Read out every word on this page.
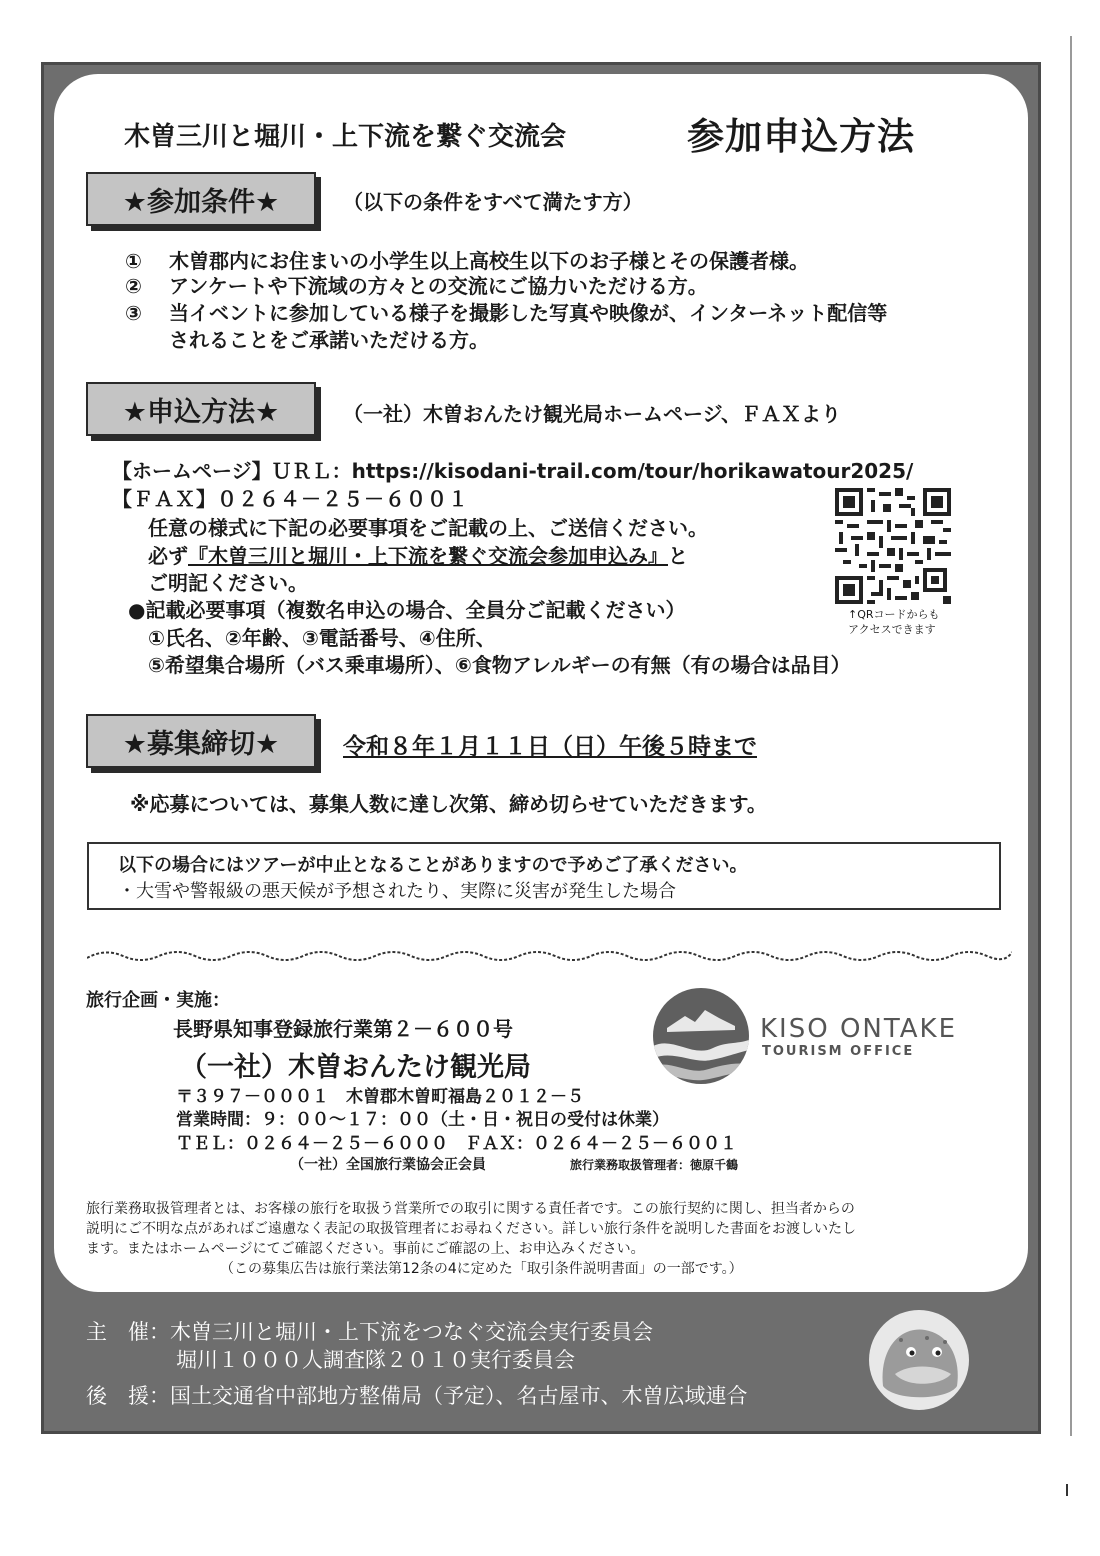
木曽三川と堀川・上下流を繋ぐ交流会	参加申込方法
★参加条件★	（以下の条件をすべて満たす方）
① 木曽郡内にお住まいの小学生以上高校生以下のお子様とその保護者様。
② アンケートや下流域の方々との交流にご協力いただける方。
③ 当イベントに参加している様子を撮影した写真や映像が、インターネット配信等
されることをご承諾いただける方。
★申込方法★	（一社）木曽おんたけ観光局ホームページ、ＦＡＸより
【ホームページ】ＵＲＬ：https://kisodani-trail.com/tour/horikawatour2025/
【ＦＡＸ】０２６４－２５－６００１
任意の様式に下記の必要事項をご記載の上、ご送信ください。
必ず『木曽三川と堀川・上下流を繋ぐ交流会参加申込み』と
ご明記ください。
●記載必要事項（複数名申込の場合、全員分ご記載ください）
①氏名、②年齢、③電話番号、④住所、
⑤希望集合場所（バス乗車場所）、⑥食物アレルギーの有無（有の場合は品目）
↑QRコードからも
アクセスできます
★募集締切★	令和８年１月１１日（日）午後５時まで
※応募については、募集人数に達し次第、締め切らせていただきます。
以下の場合にはツアーが中止となることがありますので予めご了承ください。
・大雪や警報級の悪天候が予想されたり、実際に災害が発生した場合
旅行企画・実施：
長野県知事登録旅行業第２－６００号
（一社）木曽おんたけ観光局
〒３９７－０００１　木曽郡木曽町福島２０１２－５
営業時間：９：００～１７：００（土・日・祝日の受付は休業）
ＴＥＬ：０２６４－２５－６０００　ＦＡＸ：０２６４－２５－６００１
（一社）全国旅行業協会正会員	旅行業務取扱管理者：徳原千鶴
KISO ONTAKE
TOURISM OFFICE
旅行業務取扱管理者とは、お客様の旅行を取扱う営業所での取引に関する責任者です。この旅行契約に関し、担当者からの
説明にご不明な点があればご遠慮なく表記の取扱管理者にお尋ねください。詳しい旅行条件を説明した書面をお渡しいたし
ます。またはホームページにてご確認ください。事前にご確認の上、お申込みください。
（この募集広告は旅行業法第12条の4に定めた「取引条件説明書面」の一部です。）
主　催：木曽三川と堀川・上下流をつなぐ交流会実行委員会
堀川１０００人調査隊２０１０実行委員会
後　援：国土交通省中部地方整備局（予定）、名古屋市、木曽広域連合
